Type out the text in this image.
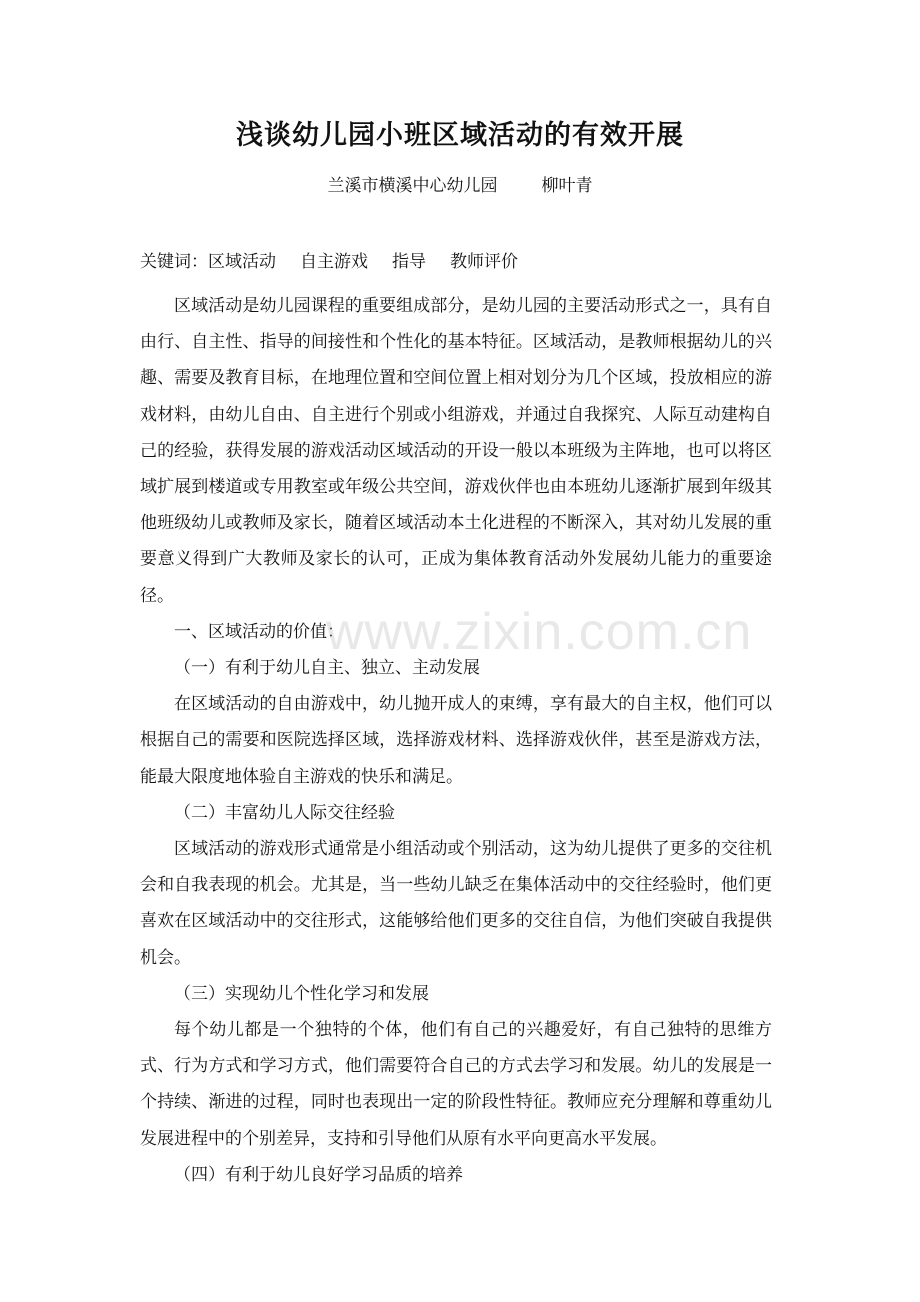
浅谈幼儿园小班区域活动的有效开展
兰溪市横溪中心幼儿园	柳叶青
关键词：区域活动 自主游戏 指导 教师评价

区域活动是幼儿园课程的重要组成部分，是幼儿园的主要活动形式之一，具有自由行、自主性、指导的间接性和个性化的基本特征。区域活动，是教师根据幼儿的兴趣、需要及教育目标，在地理位置和空间位置上相对划分为几个区域，投放相应的游戏材料，由幼儿自由、自主进行个别或小组游戏，并通过自我探究、人际互动建构自己的经验，获得发展的游戏活动区域活动的开设一般以本班级为主阵地，也可以将区域扩展到楼道或专用教室或年级公共空间，游戏伙伴也由本班幼儿逐渐扩展到年级其他班级幼儿或教师及家长，随着区域活动本土化进程的不断深入，其对幼儿发展的重要意义得到广大教师及家长的认可，正成为集体教育活动外发展幼儿能力的重要途径。

一、区域活动的价值：

（一）有利于幼儿自主、独立、主动发展

在区域活动的自由游戏中，幼儿抛开成人的束缚，享有最大的自主权，他们可以根据自己的需要和医院选择区域，选择游戏材料、选择游戏伙伴，甚至是游戏方法，能最大限度地体验自主游戏的快乐和满足。

（二）丰富幼儿人际交往经验

区域活动的游戏形式通常是小组活动或个别活动，这为幼儿提供了更多的交往机会和自我表现的机会。尤其是，当一些幼儿缺乏在集体活动中的交往经验时，他们更喜欢在区域活动中的交往形式，这能够给他们更多的交往自信，为他们突破自我提供机会。

（三）实现幼儿个性化学习和发展

每个幼儿都是一个独特的个体，他们有自己的兴趣爱好，有自己独特的思维方式、行为方式和学习方式，他们需要符合自己的方式去学习和发展。幼儿的发展是一个持续、渐进的过程，同时也表现出一定的阶段性特征。教师应充分理解和尊重幼儿发展进程中的个别差异，支持和引导他们从原有水平向更高水平发展。

（四）有利于幼儿良好学习品质的培养

www.zixin.com.cn
